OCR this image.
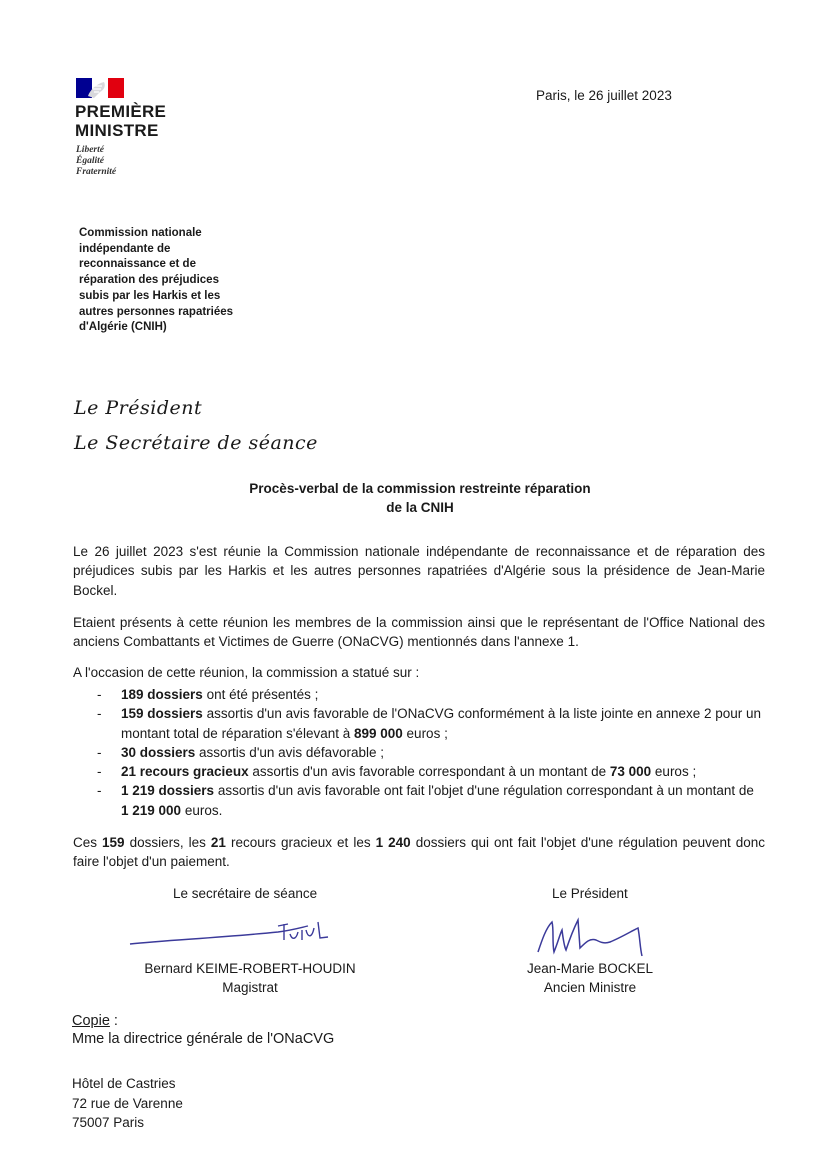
PREMIÈRE
MINISTRE
Liberté
Égalité
Fraternité
Paris, le 26 juillet 2023
Commission nationale indépendante de reconnaissance et de réparation des préjudices subis par les Harkis et les autres personnes rapatriées d'Algérie (CNIH)
Le Président
Le Secrétaire de séance
Procès-verbal de la commission restreinte réparation
de la CNIH
Le 26 juillet 2023 s'est réunie la Commission nationale indépendante de reconnaissance et de réparation des préjudices subis par les Harkis et les autres personnes rapatriées d'Algérie sous la présidence de Jean-Marie Bockel.
Etaient présents à cette réunion les membres de la commission ainsi que le représentant de l'Office National des anciens Combattants et Victimes de Guerre (ONaCVG) mentionnés dans l'annexe 1.
A l'occasion de cette réunion, la commission a statué sur :
- 189 dossiers ont été présentés ;
- 159 dossiers assortis d'un avis favorable de l'ONaCVG conformément à la liste jointe en annexe 2 pour un montant total de réparation s'élevant à 899 000 euros ;
- 30 dossiers assortis d'un avis défavorable ;
- 21 recours gracieux assortis d'un avis favorable correspondant à un montant de 73 000 euros ;
- 1 219 dossiers assortis d'un avis favorable ont fait l'objet d'une régulation correspondant à un montant de 1 219 000 euros.
Ces 159 dossiers, les 21 recours gracieux et les 1 240 dossiers qui ont fait l'objet d'une régulation peuvent donc faire l'objet d'un paiement.
Le secrétaire de séance	Le Président
Bernard KEIME-ROBERT-HOUDIN
Magistrat
Jean-Marie BOCKEL
Ancien Ministre
Copie :
Mme la directrice générale de l'ONaCVG
Hôtel de Castries
72 rue de Varenne
75007 Paris
